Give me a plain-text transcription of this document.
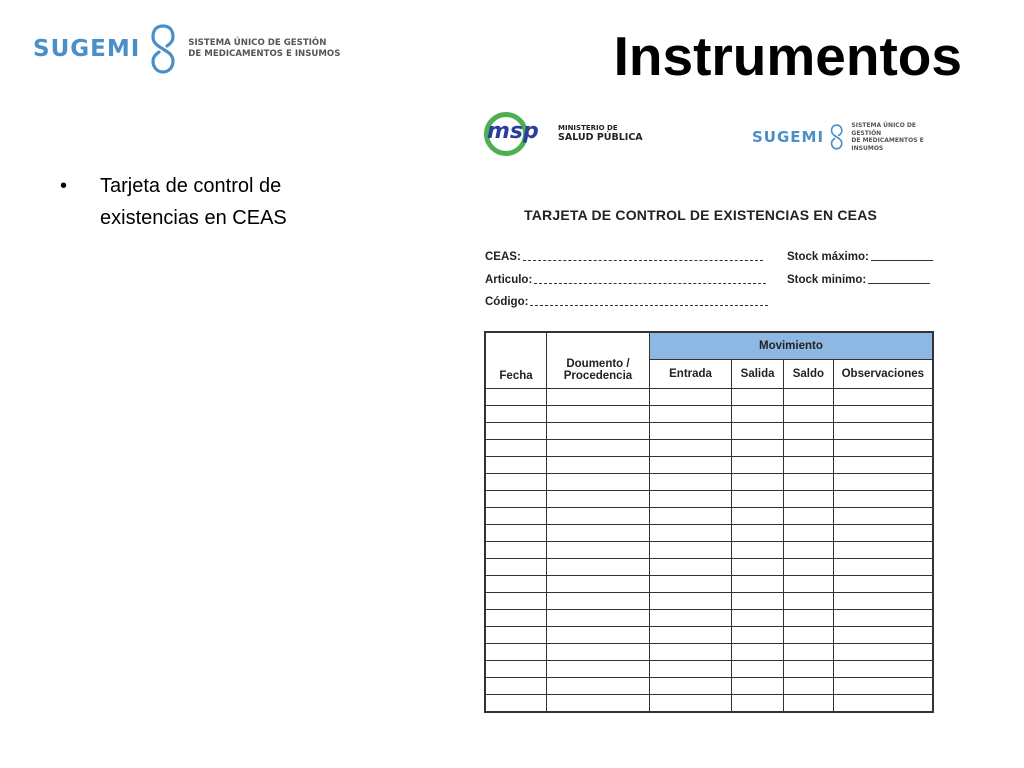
SUGEMI	SISTEMA ÚNICO DE GESTIÓN
DE MEDICAMENTOS E INSUMOS	Instrumentos
• Tarjeta de control de existencias en CEAS
msp	MINISTERIO DE
SALUD PÚBLICA	SUGEMI
SISTEMA ÚNICO DE GESTIÓN
DE MEDICAMENTOS E INSUMOS
TARJETA DE CONTROL DE EXISTENCIAS EN CEAS
CEAS:
Articulo:
Código:
Stock máximo:
Stock minimo:
Fecha	Doumento / Procedencia	Movimiento			
		Entrada	Salida	Saldo	Observaciones
